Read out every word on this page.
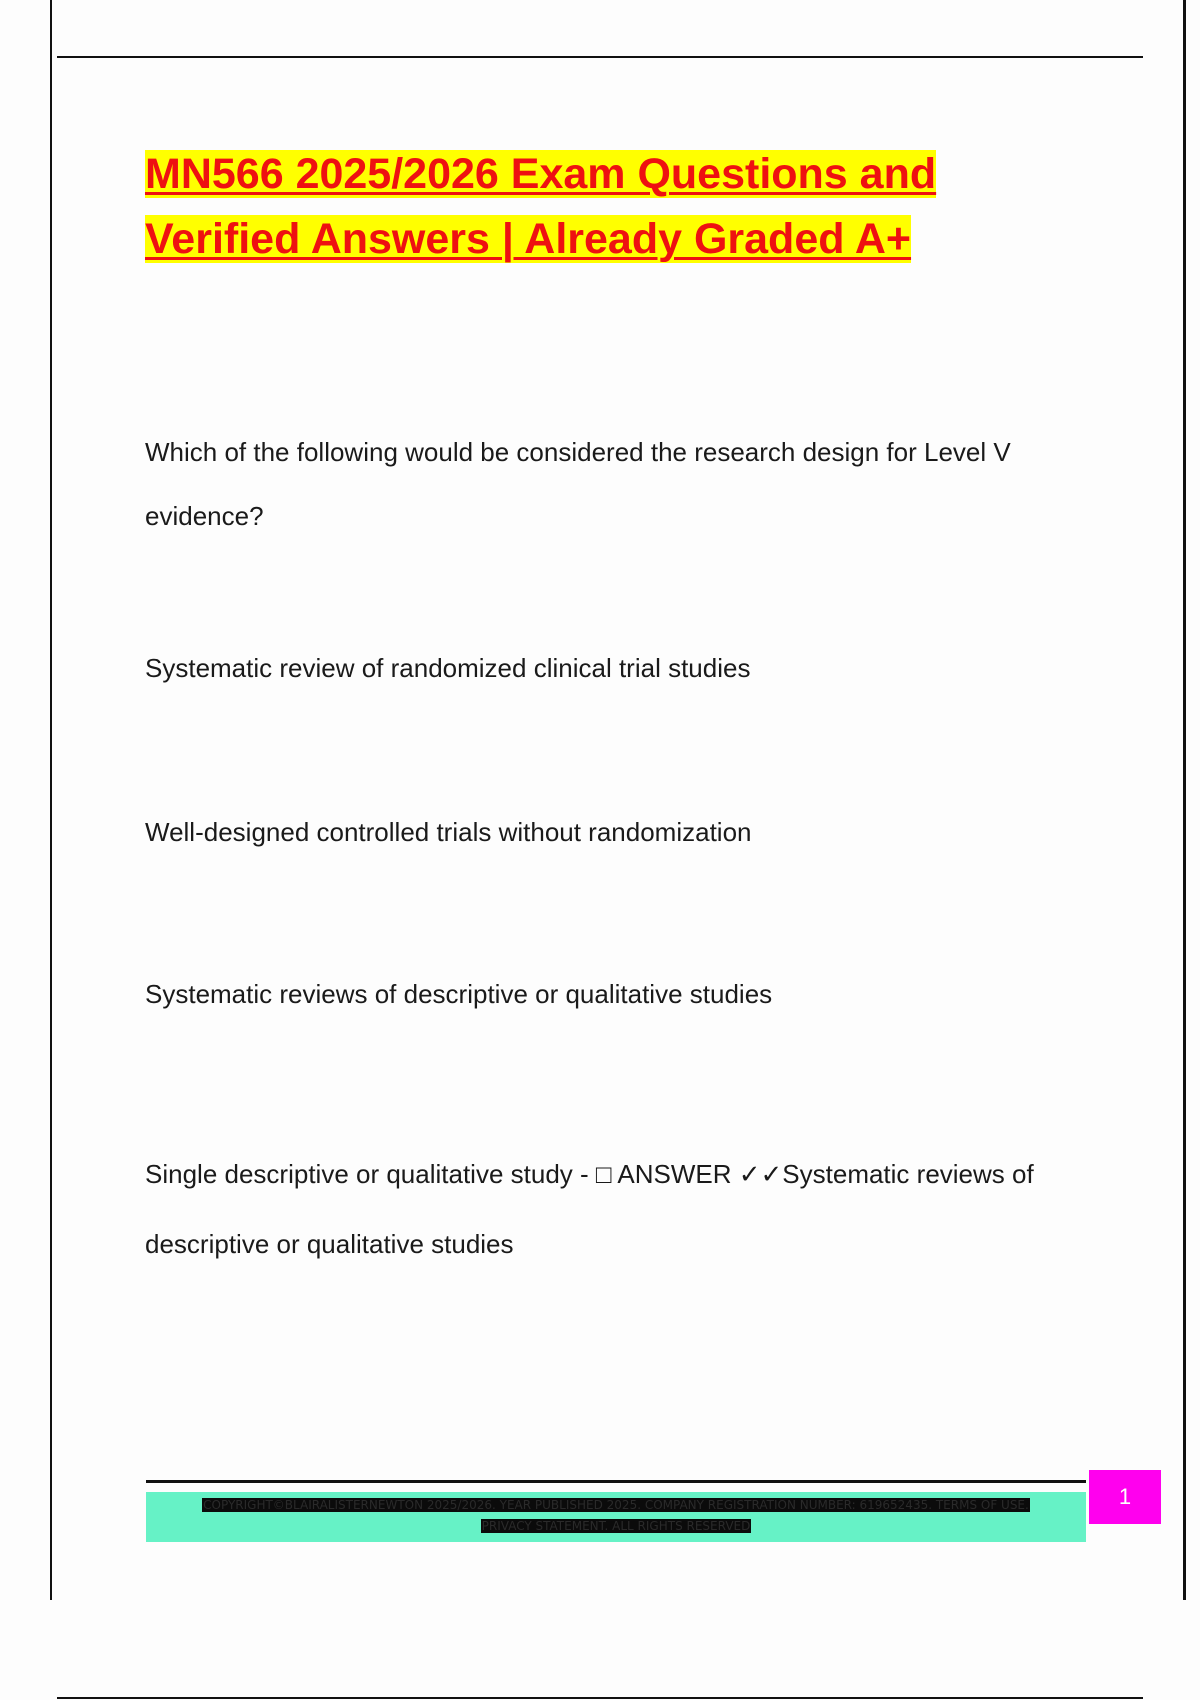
MN566 2025/2026 Exam Questions and
Verified Answers | Already Graded A+

Which of the following would be considered the research design for Level V evidence?

Systematic review of randomized clinical trial studies

Well-designed controlled trials without randomization

Systematic reviews of descriptive or qualitative studies

Single descriptive or qualitative study - □ ANSWER ✓✓Systematic reviews of descriptive or qualitative studies

COPYRIGHT©BLAIRALISTERNEWTON 2025/2026. YEAR PUBLISHED 2025. COMPANY REGISTRATION NUMBER: 619652435. TERMS OF USE.
PRIVACY STATEMENT. ALL RIGHTS RESERVED
1
